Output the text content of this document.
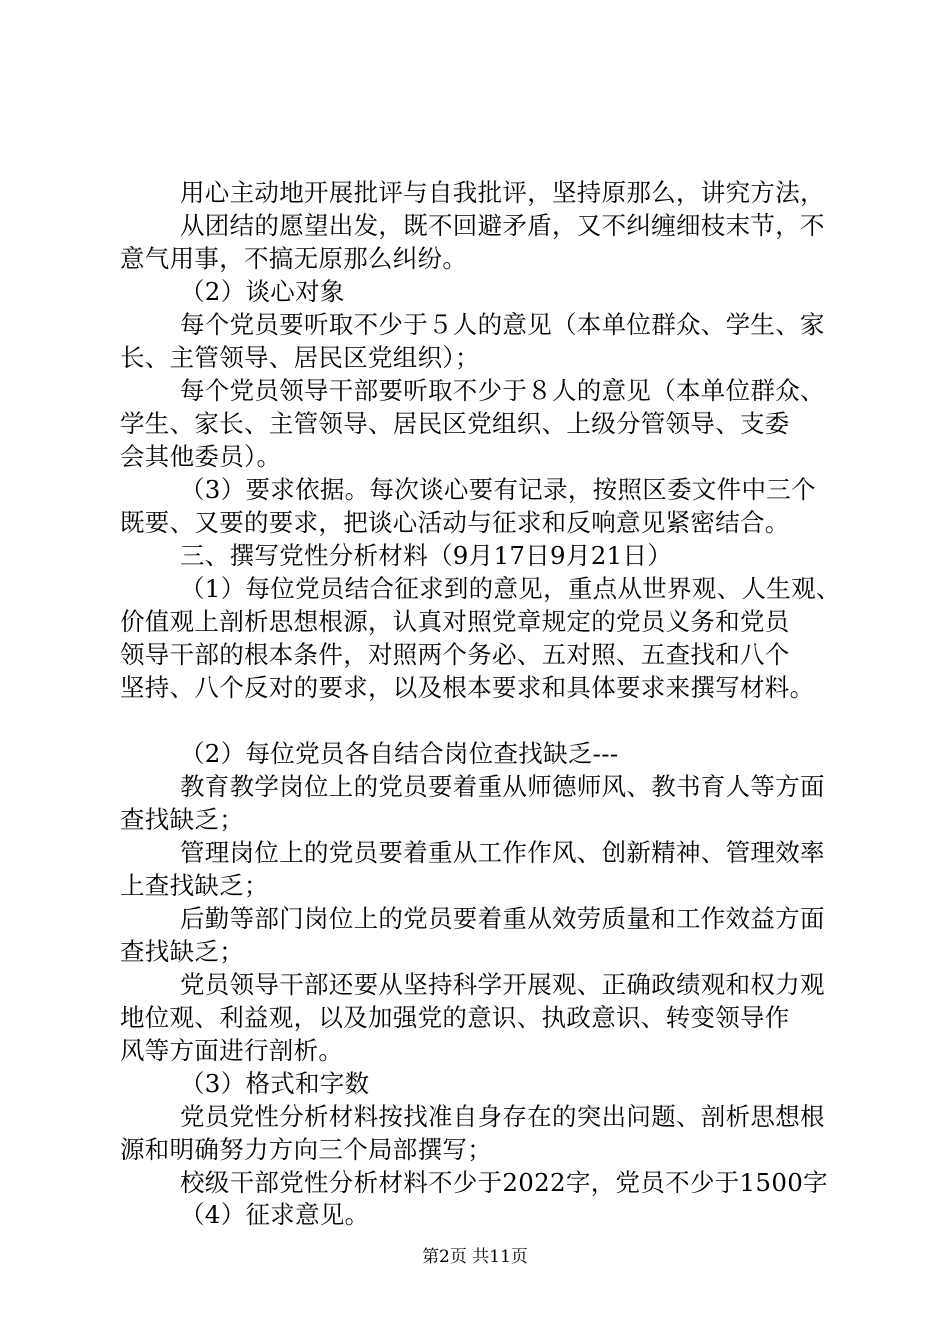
用心主动地开展批评与自我批评，坚持原那么，讲究方法，
从团结的愿望出发，既不回避矛盾，又不纠缠细枝末节，不
意气用事，不搞无原那么纠纷。
（2）谈心对象
每个党员要听取不少于５人的意见（本单位群众、学生、家
长、主管领导、居民区党组织）；
每个党员领导干部要听取不少于８人的意见（本单位群众、
学生、家长、主管领导、居民区党组织、上级分管领导、支委
会其他委员）。
（3）要求依据。每次谈心要有记录，按照区委文件中三个
既要、又要的要求，把谈心活动与征求和反响意见紧密结合。
三、撰写党性分析材料（9月17日9月21日）
（1）每位党员结合征求到的意见，重点从世界观、人生观、
价值观上剖析思想根源，认真对照党章规定的党员义务和党员
领导干部的根本条件，对照两个务必、五对照、五查找和八个
坚持、八个反对的要求，以及根本要求和具体要求来撰写材料。
（2）每位党员各自结合岗位查找缺乏---
教育教学岗位上的党员要着重从师德师风、教书育人等方面
查找缺乏；
管理岗位上的党员要着重从工作作风、创新精神、管理效率
上查找缺乏；
后勤等部门岗位上的党员要着重从效劳质量和工作效益方面
查找缺乏；
党员领导干部还要从坚持科学开展观、正确政绩观和权力观
地位观、利益观，以及加强党的意识、执政意识、转变领导作
风等方面进行剖析。
（3）格式和字数
党员党性分析材料按找准自身存在的突出问题、剖析思想根
源和明确努力方向三个局部撰写；
校级干部党性分析材料不少于2022字，党员不少于1500字
（4）征求意见。
第2页 共11页
